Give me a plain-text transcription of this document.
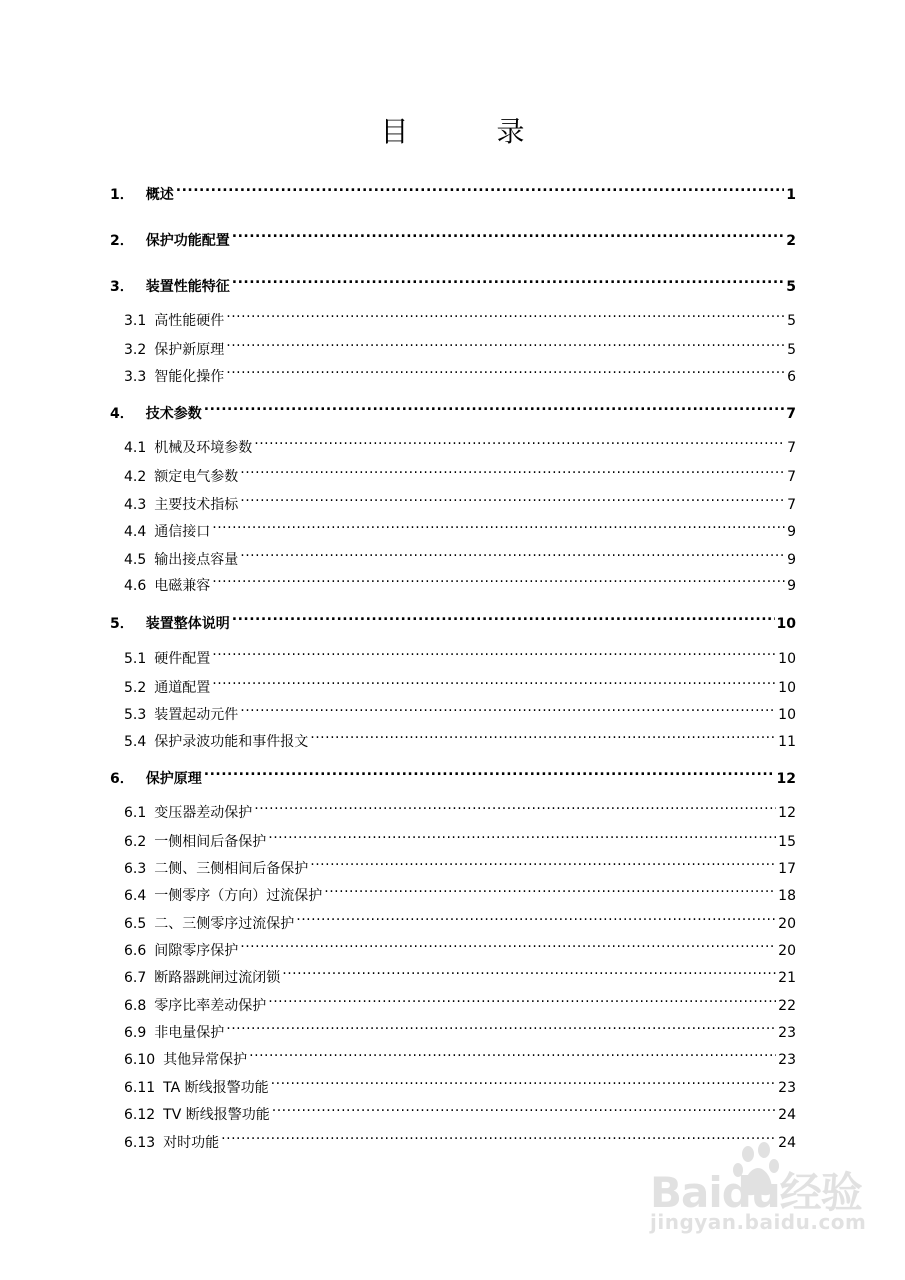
目　录
1． 概述 .....	1
2． 保护功能配置 .....	2
3． 装置性能特征 .....	5
3.1 高性能硬件 .....	5
3.2 保护新原理 .....	5
3.3 智能化操作 .....	6
4． 技术参数 .....	7
4.1 机械及环境参数 .....	7
4.2 额定电气参数 .....	7
4.3 主要技术指标 .....	7
4.4 通信接口 .....	9
4.5 输出接点容量 .....	9
4.6 电磁兼容 .....	9
5． 装置整体说明 .....	10
5.1 硬件配置 .....	10
5.2 通道配置 .....	10
5.3 装置起动元件 .....	10
5.4 保护录波功能和事件报文 .....	11
6． 保护原理 .....	12
6.1 变压器差动保护 .....	12
6.2 一侧相间后备保护 .....	15
6.3 二侧、三侧相间后备保护 .....	17
6.4 一侧零序（方向）过流保护 .....	18
6.5 二、三侧零序过流保护 .....	20
6.6 间隙零序保护 .....	20
6.7 断路器跳闸过流闭锁 .....	21
6.8 零序比率差动保护 .....	22
6.9 非电量保护 .....	23
6.10 其他异常保护 .....	23
6.11 TA 断线报警功能 .....	23
6.12 TV 断线报警功能 .....	24
6.13 对时功能 .....	24
Baidu经验
jingyan.baidu.com
